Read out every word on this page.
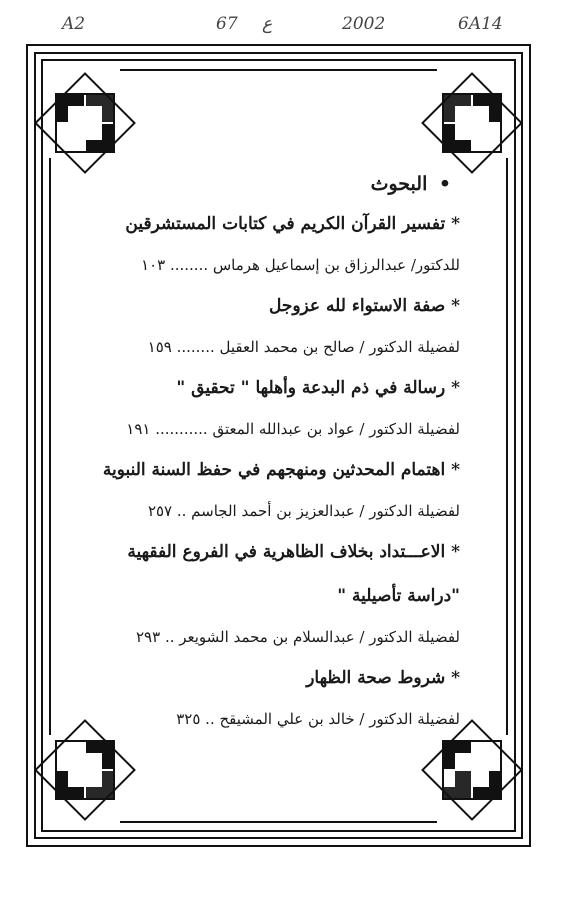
A2	67 ع	2002	6A14
• البحوث
* تفسير القرآن الكريم في كتابات المستشرقين
للدكتور/ عبدالرزاق بن إسماعيل هرماس ........ ١٠٣
* صفة الاستواء لله عزوجل
لفضيلة الدكتور / صالح بن محمد العقيل ........ ١٥٩
* رسالة في ذم البدعة وأهلها " تحقيق "
لفضيلة الدكتور / عواد بن عبدالله المعتق ........... ١٩١
* اهتمام المحدثين ومنهجهم في حفظ السنة النبوية
لفضيلة الدكتور / عبدالعزيز بن أحمد الجاسم .. ٢٥٧
* الاعـــتداد بخلاف الظاهرية في الفروع الفقهية
"دراسة تأصيلية "
لفضيلة الدكتور / عبدالسلام بن محمد الشويعر .. ٢٩٣
* شروط صحة الظهار
لفضيلة الدكتور / خالد بن علي المشيقح .. ٣٢٥
